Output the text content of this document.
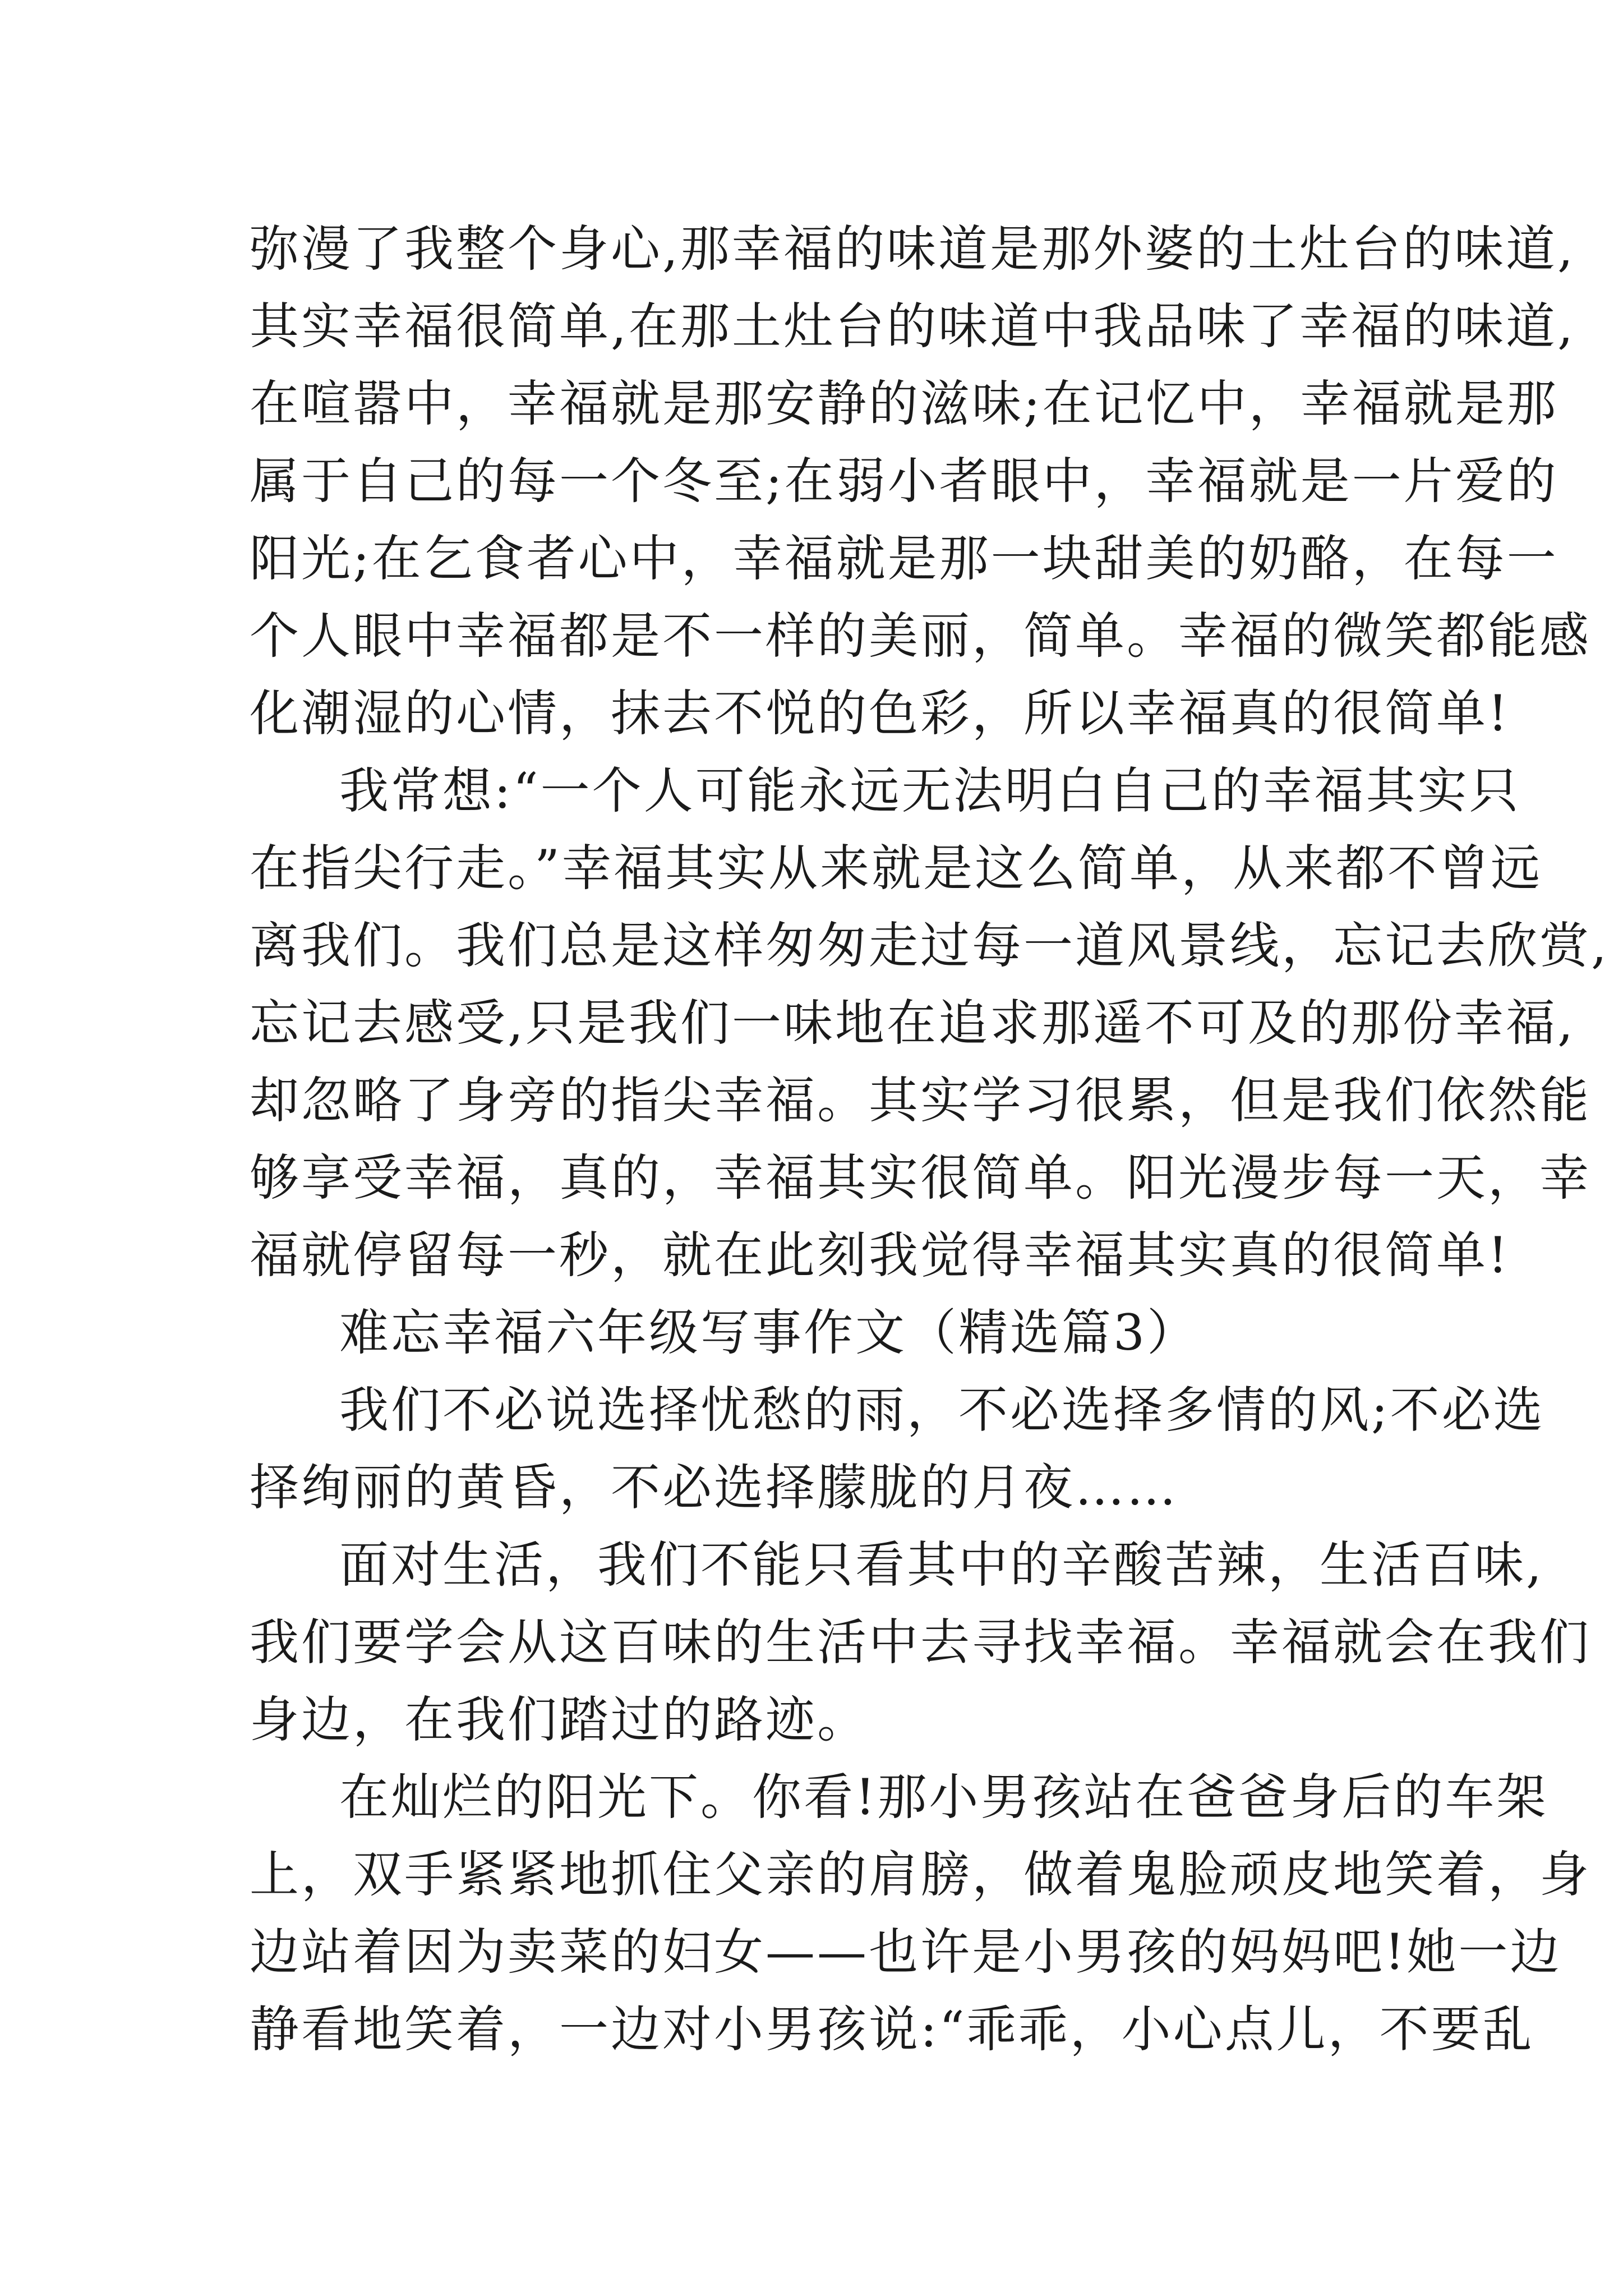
弥漫了我整个身心,那幸福的味道是那外婆的土灶台的味道,
其实幸福很简单,在那土灶台的味道中我品味了幸福的味道,
在喧嚣中，幸福就是那安静的滋味;在记忆中，幸福就是那
属于自己的每一个冬至;在弱小者眼中，幸福就是一片爱的
阳光;在乞食者心中，幸福就是那一块甜美的奶酪，在每一
个人眼中幸福都是不一样的美丽，简单。幸福的微笑都能感
化潮湿的心情，抹去不悦的色彩，所以幸福真的很简单!
我常想:“一个人可能永远无法明白自己的幸福其实只
在指尖行走。”幸福其实从来就是这么简单，从来都不曾远
离我们。我们总是这样匆匆走过每一道风景线，忘记去欣赏,
忘记去感受,只是我们一味地在追求那遥不可及的那份幸福,
却忽略了身旁的指尖幸福。其实学习很累，但是我们依然能
够享受幸福，真的，幸福其实很简单。阳光漫步每一天，幸
福就停留每一秒，就在此刻我觉得幸福其实真的很简单!
难忘幸福六年级写事作文（精选篇3）
我们不必说选择忧愁的雨，不必选择多情的风;不必选
择绚丽的黄昏，不必选择朦胧的月夜……
面对生活，我们不能只看其中的辛酸苦辣，生活百味,
我们要学会从这百味的生活中去寻找幸福。幸福就会在我们
身边，在我们踏过的路迹。
在灿烂的阳光下。你看!那小男孩站在爸爸身后的车架
上，双手紧紧地抓住父亲的肩膀，做着鬼脸顽皮地笑着，身
边站着因为卖菜的妇女——也许是小男孩的妈妈吧!她一边
静看地笑着，一边对小男孩说:“乖乖，小心点儿，不要乱
